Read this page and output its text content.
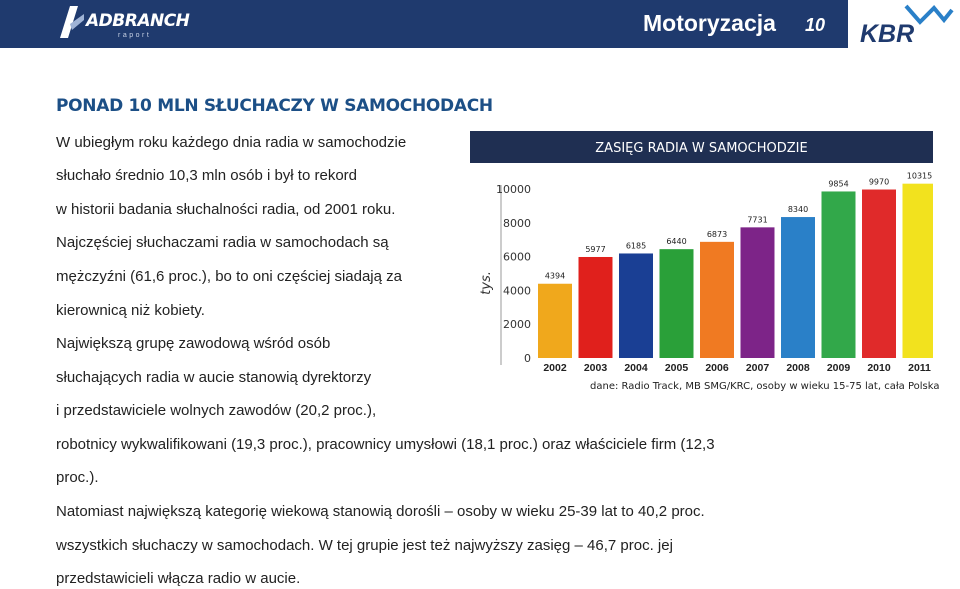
ADBRANCH
raport	Motoryzacja 10 KBR
PONAD 10 MLN SŁUCHACZY W SAMOCHODACH
W ubiegłym roku każdego dnia radia w samochodzie
słuchało średnio 10,3 mln osób i był to rekord
w historii badania słuchalności radia, od 2001 roku.
Najczęściej słuchaczami radia w samochodach są
mężczyźni (61,6 proc.), bo to oni częściej siadają za
kierownicą niż kobiety.
Największą grupę zawodową wśród osób
słuchających radia w aucie stanowią dyrektorzy
i przedstawiciele wolnych zawodów (20,2 proc.),
robotnicy wykwalifikowani (19,3 proc.), pracownicy umysłowi (18,1 proc.) oraz właściciele firm (12,3
proc.).
Natomiast największą kategorię wiekową stanowią dorośli – osoby w wieku 25-39 lat to 40,2 proc.
wszystkich słuchaczy w samochodach. W tej grupie jest też najwyższy zasięg – 46,7 proc. jej
przedstawicieli włącza radio w aucie.
ZASIĘG RADIA W SAMOCHODZIE
tys.
0
2000
4000
6000
8000
10000
4394
2002
5977
2003
6185
2004
6440
2005
6873
2006
7731
2007
8340
2008
9854
2009
9970
2010
10315
2011
dane: Radio Track, MB SMG/KRC, osoby w wieku 15-75 lat, cała Polska
